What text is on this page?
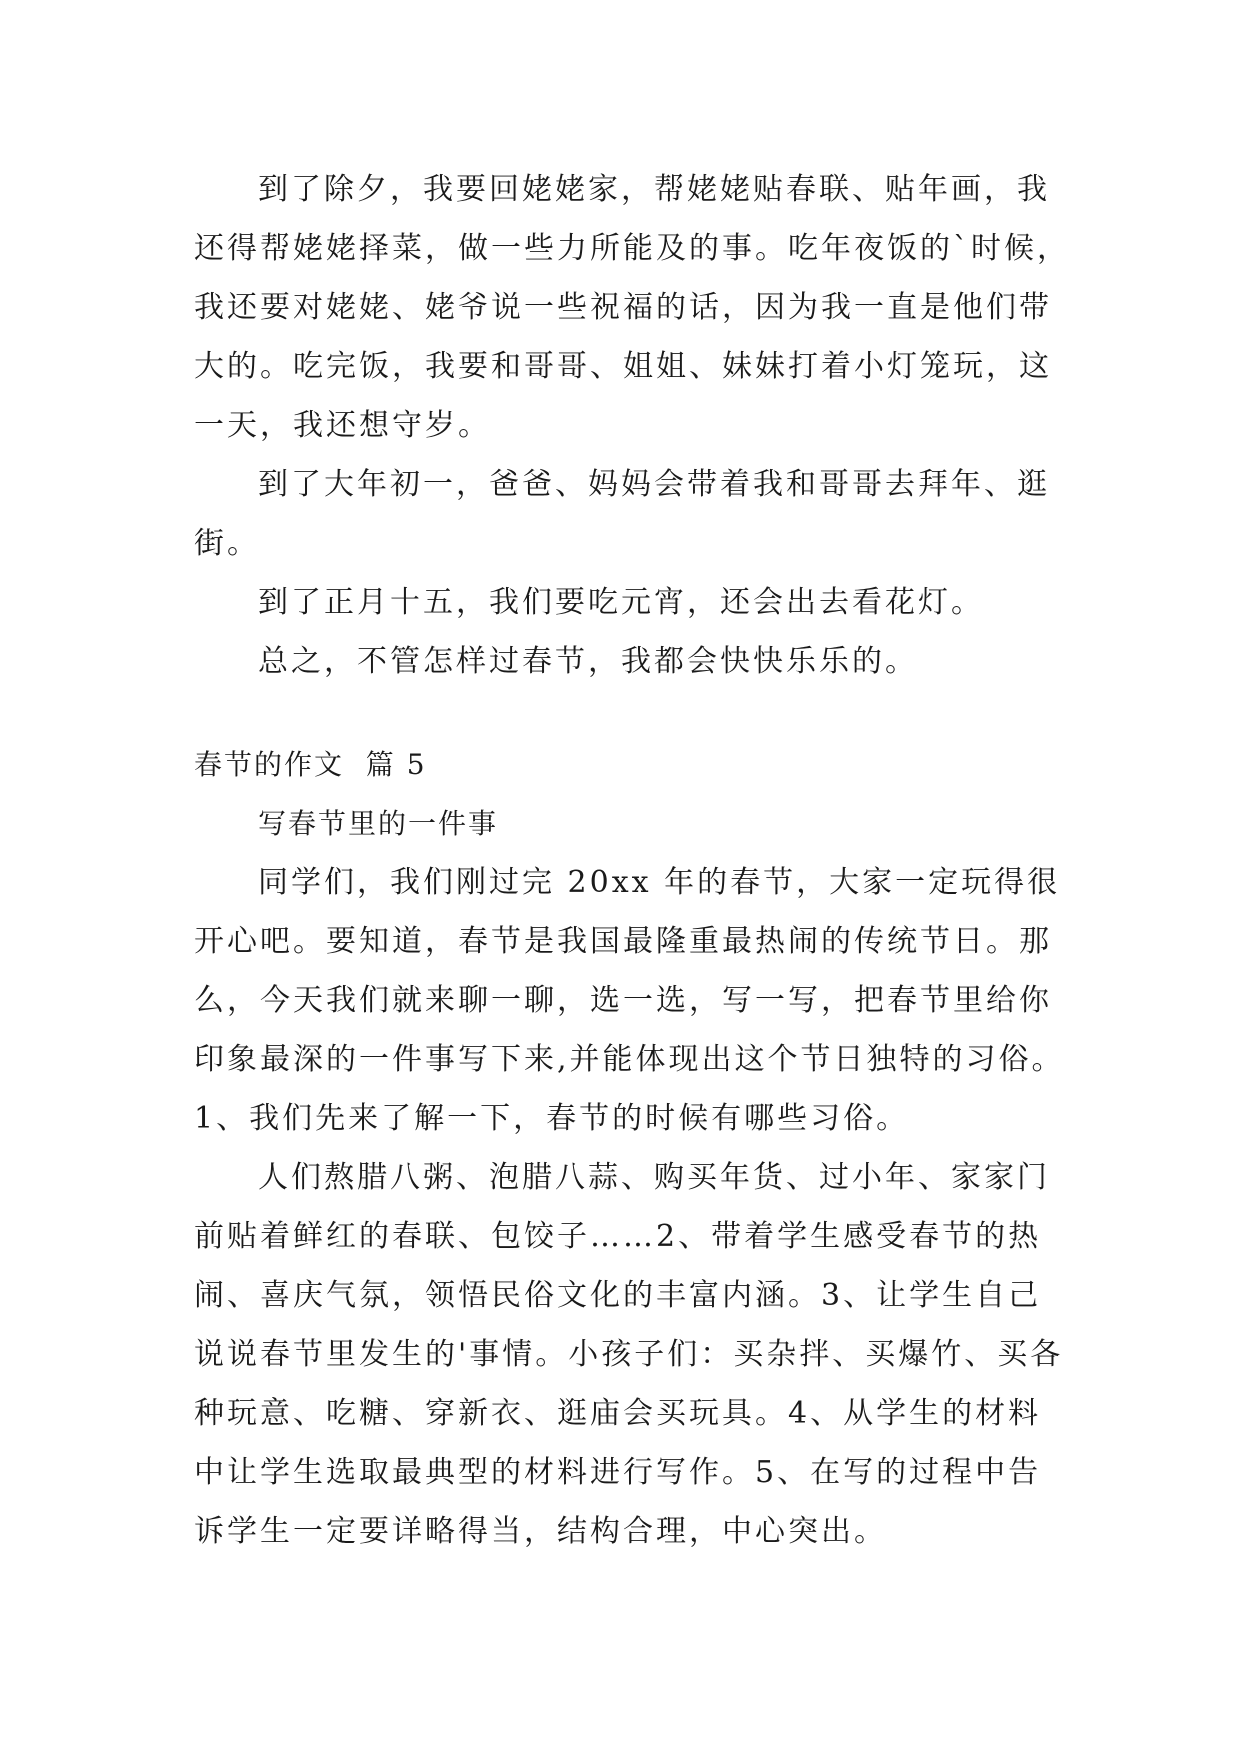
到了除夕，我要回姥姥家，帮姥姥贴春联、贴年画，我还得帮姥姥择菜，做一些力所能及的事。吃年夜饭的`时候，我还要对姥姥、姥爷说一些祝福的话，因为我一直是他们带大的。吃完饭，我要和哥哥、姐姐、妹妹打着小灯笼玩，这一天，我还想守岁。

到了大年初一，爸爸、妈妈会带着我和哥哥去拜年、逛街。

到了正月十五，我们要吃元宵，还会出去看花灯。

总之，不管怎样过春节，我都会快快乐乐的。

春节的作文  篇 5

写春节里的一件事

同学们，我们刚过完 20xx 年的春节，大家一定玩得很开心吧。要知道，春节是我国最隆重最热闹的传统节日。那么，今天我们就来聊一聊，选一选，写一写，把春节里给你印象最深的一件事写下来,并能体现出这个节日独特的习俗。

1、我们先来了解一下，春节的时候有哪些习俗。

人们熬腊八粥、泡腊八蒜、购买年货、过小年、家家门前贴着鲜红的春联、包饺子……2、带着学生感受春节的热闹、喜庆气氛，领悟民俗文化的丰富内涵。3、让学生自己说说春节里发生的'事情。小孩子们：买杂拌、买爆竹、买各种玩意、吃糖、穿新衣、逛庙会买玩具。4、从学生的材料中让学生选取最典型的材料进行写作。5、在写的过程中告诉学生一定要详略得当，结构合理，中心突出。
